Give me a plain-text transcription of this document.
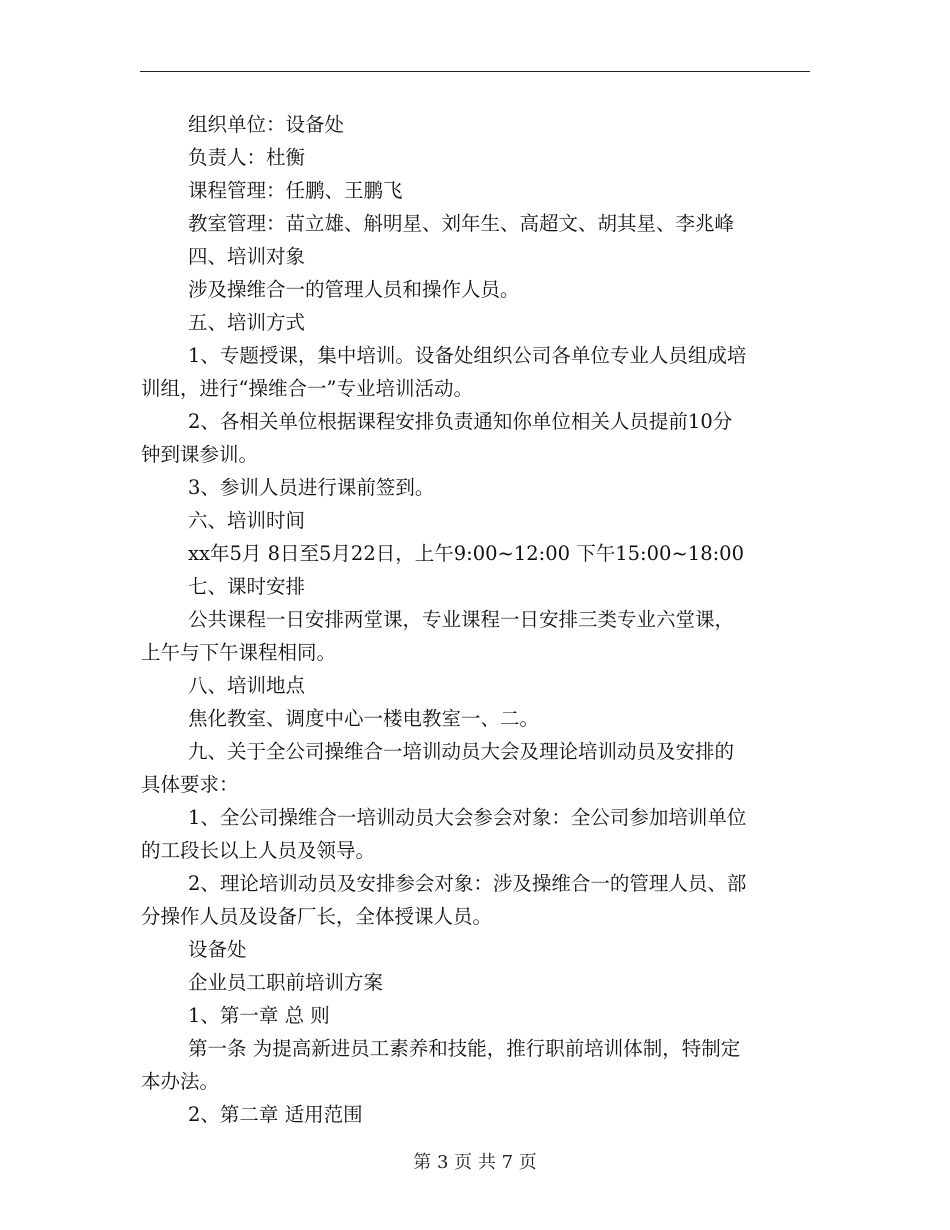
组织单位：设备处
负责人：杜衡
课程管理：任鹏、王鹏飞
教室管理：苗立雄、斛明星、刘年生、高超文、胡其星、李兆峰
四、培训对象
涉及操维合一的管理人员和操作人员。
五、培训方式
1、专题授课，集中培训。设备处组织公司各单位专业人员组成培
训组，进行“操维合一”专业培训活动。
2、各相关单位根据课程安排负责通知你单位相关人员提前10分
钟到课参训。
3、参训人员进行课前签到。
六、培训时间
xx年5月 8日至5月22日，上午9:00~12:00 下午15:00~18:00
七、课时安排
公共课程一日安排两堂课，专业课程一日安排三类专业六堂课，
上午与下午课程相同。
八、培训地点
焦化教室、调度中心一楼电教室一、二。
九、关于全公司操维合一培训动员大会及理论培训动员及安排的
具体要求：
1、全公司操维合一培训动员大会参会对象：全公司参加培训单位
的工段长以上人员及领导。
2、理论培训动员及安排参会对象：涉及操维合一的管理人员、部
分操作人员及设备厂长，全体授课人员。
设备处
企业员工职前培训方案
1、第一章 总 则
第一条 为提高新进员工素养和技能，推行职前培训体制，特制定
本办法。
2、第二章 适用范围
第 3 页 共 7 页
